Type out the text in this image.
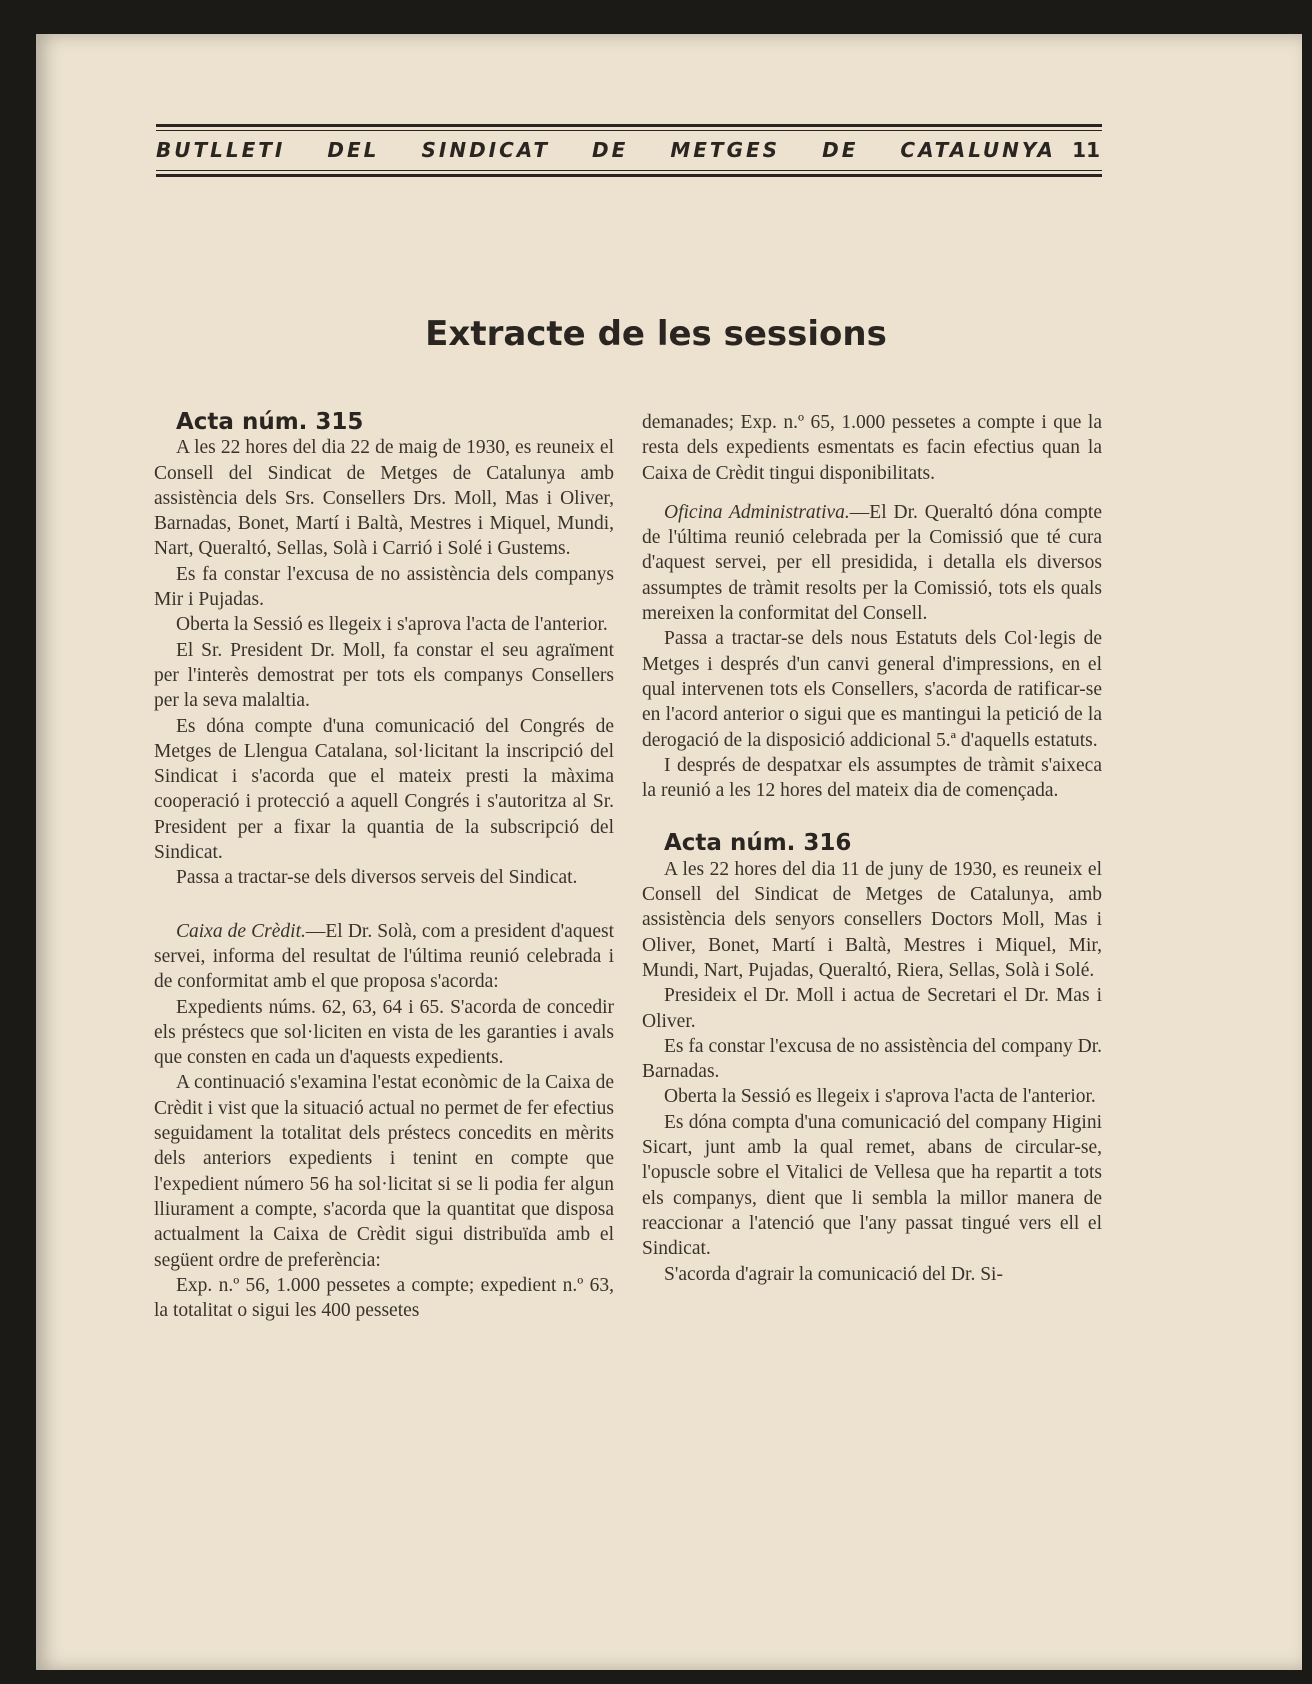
BUTLLETI DEL SINDICAT DE METGES DE CATALUNYA 11
Extracte de les sessions

Acta núm. 315

A les 22 hores del dia 22 de maig de 1930, es reuneix el Consell del Sindicat de Metges de Catalunya amb assistència dels Srs. Consellers Drs. Moll, Mas i Oliver, Barnadas, Bonet, Martí i Baltà, Mestres i Miquel, Mundi, Nart, Queraltó, Sellas, Solà i Carrió i Solé i Gustems.

Es fa constar l'excusa de no assistència dels companys Mir i Pujadas.

Oberta la Sessió es llegeix i s'aprova l'acta de l'anterior.

El Sr. President Dr. Moll, fa constar el seu agraïment per l'interès demostrat per tots els companys Consellers per la seva malaltia.

Es dóna compte d'una comunicació del Congrés de Metges de Llengua Catalana, sol·licitant la inscripció del Sindicat i s'acorda que el mateix presti la màxima cooperació i protecció a aquell Congrés i s'autoritza al Sr. President per a fixar la quantia de la subscripció del Sindicat.

Passa a tractar-se dels diversos serveis del Sindicat.

Caixa de Crèdit.—El Dr. Solà, com a president d'aquest servei, informa del resultat de l'última reunió celebrada i de conformitat amb el que proposa s'acorda:

Expedients núms. 62, 63, 64 i 65. S'acorda de concedir els préstecs que sol·liciten en vista de les garanties i avals que consten en cada un d'aquests expedients.

A continuació s'examina l'estat econòmic de la Caixa de Crèdit i vist que la situació actual no permet de fer efectius seguidament la totalitat dels préstecs concedits en mèrits dels anteriors expedients i tenint en compte que l'expedient número 56 ha sol·licitat si se li podia fer algun lliurament a compte, s'acorda que la quantitat que disposa actualment la Caixa de Crèdit sigui distribuïda amb el següent ordre de preferència:

Exp. n.º 56, 1.000 pessetes a compte; expedient n.º 63, la totalitat o sigui les 400 pessetes

demanades; Exp. n.º 65, 1.000 pessetes a compte i que la resta dels expedients esmentats es facin efectius quan la Caixa de Crèdit tingui disponibilitats.

Oficina Administrativa.—El Dr. Queraltó dóna compte de l'última reunió celebrada per la Comissió que té cura d'aquest servei, per ell presidida, i detalla els diversos assumptes de tràmit resolts per la Comissió, tots els quals mereixen la conformitat del Consell.

Passa a tractar-se dels nous Estatuts dels Col·legis de Metges i després d'un canvi general d'impressions, en el qual intervenen tots els Consellers, s'acorda de ratificar-se en l'acord anterior o sigui que es mantingui la petició de la derogació de la disposició addicional 5.ª d'aquells estatuts.

I després de despatxar els assumptes de tràmit s'aixeca la reunió a les 12 hores del mateix dia de començada.

Acta núm. 316

A les 22 hores del dia 11 de juny de 1930, es reuneix el Consell del Sindicat de Metges de Catalunya, amb assistència dels senyors consellers Doctors Moll, Mas i Oliver, Bonet, Martí i Baltà, Mestres i Miquel, Mir, Mundi, Nart, Pujadas, Queraltó, Riera, Sellas, Solà i Solé.

Presideix el Dr. Moll i actua de Secretari el Dr. Mas i Oliver.

Es fa constar l'excusa de no assistència del company Dr. Barnadas.

Oberta la Sessió es llegeix i s'aprova l'acta de l'anterior.

Es dóna compta d'una comunicació del company Higini Sicart, junt amb la qual remet, abans de circular-se, l'opuscle sobre el Vitalici de Vellesa que ha repartit a tots els companys, dient que li sembla la millor manera de reaccionar a l'atenció que l'any passat tingué vers ell el Sindicat.

S'acorda d'agrair la comunicació del Dr. Si-
